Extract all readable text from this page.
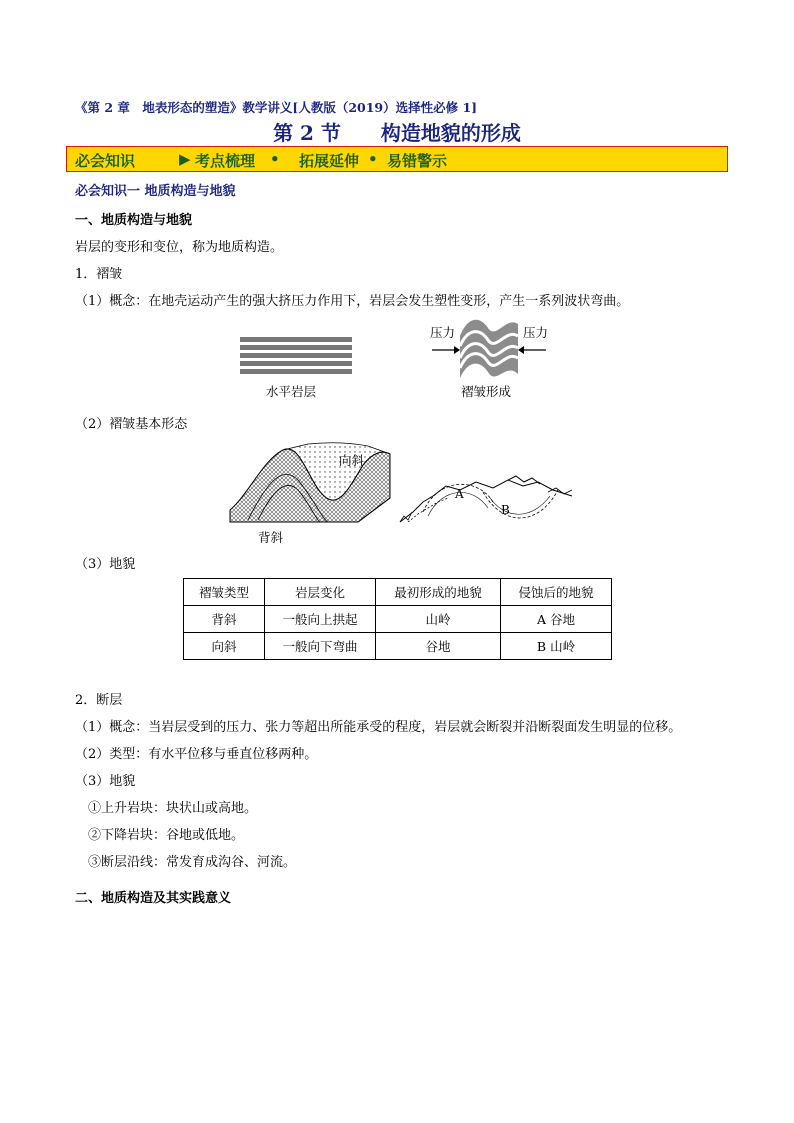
《第 2 章　地表形态的塑造》教学讲义[人教版（2019）选择性必修 1]
第 2 节　　构造地貌的形成
必会知识	▶ 考点梳理 • 拓展延伸 • 易错警示
必会知识一 地质构造与地貌
一、地质构造与地貌
岩层的变形和变位，称为地质构造。
1．褶皱
（1）概念：在地壳运动产生的强大挤压力作用下，岩层会发生塑性变形，产生一系列波状弯曲。
水平岩层
压力	压力
褶皱形成
（2）褶皱基本形态
向斜
背斜
A
B
（3）地貌
褶皱类型	岩层变化	最初形成的地貌	侵蚀后的地貌
背斜	一般向上拱起	山岭	A 谷地
向斜	一般向下弯曲	谷地	B 山岭
2．断层
（1）概念：当岩层受到的压力、张力等超出所能承受的程度，岩层就会断裂并沿断裂面发生明显的位移。
（2）类型：有水平位移与垂直位移两种。
（3）地貌
①上升岩块：块状山或高地。
②下降岩块：谷地或低地。
③断层沿线：常发育成沟谷、河流。
二、地质构造及其实践意义
